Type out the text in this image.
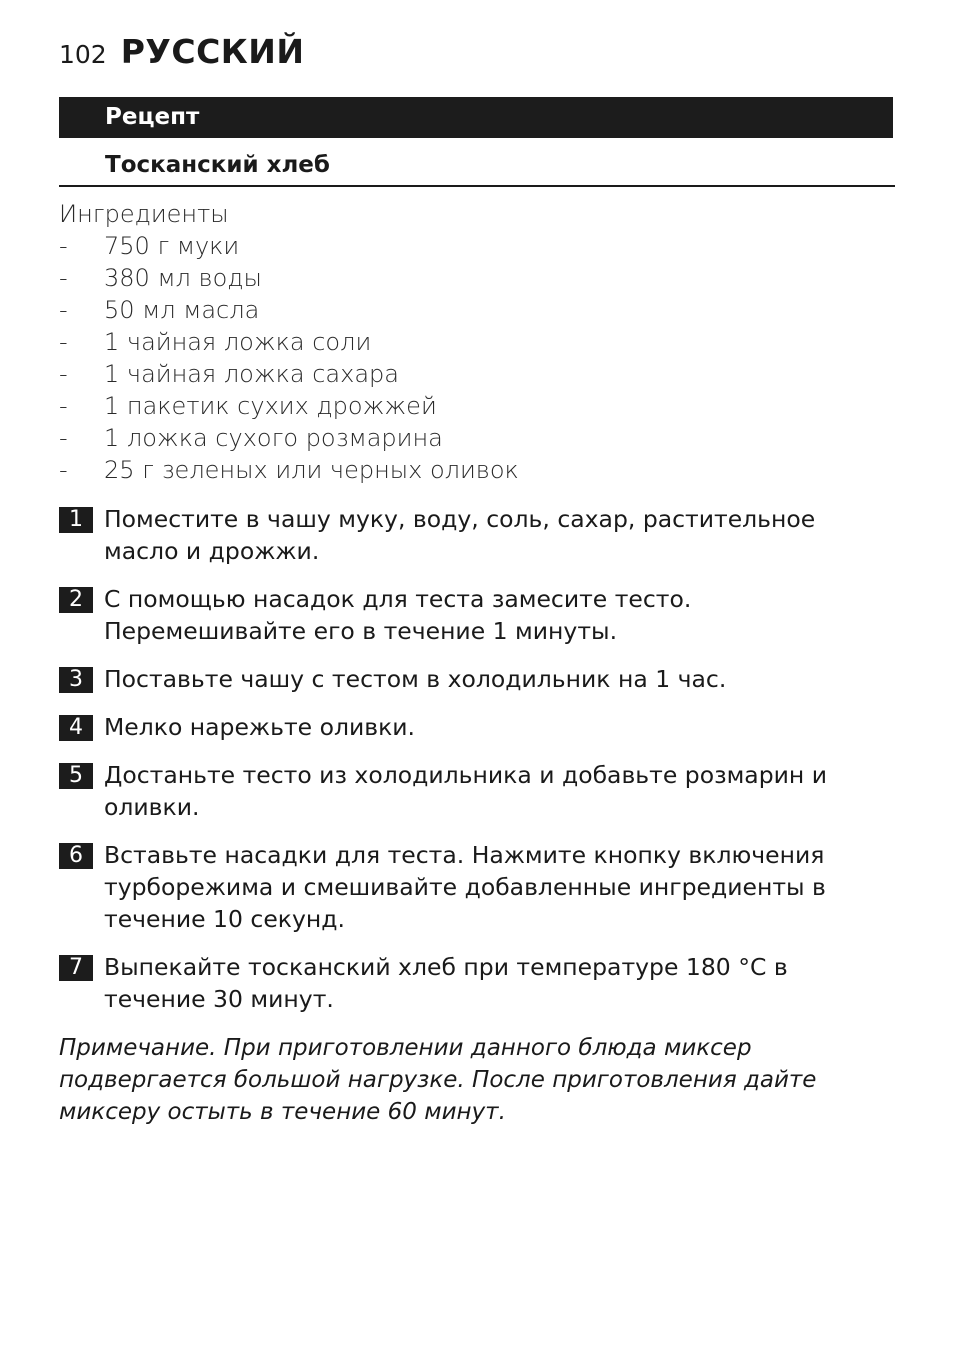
102 РУССКИЙ
Рецепт
Тосканский хлеб
Ингредиенты
- 750 г муки
- 380 мл воды
- 50 мл масла
- 1 чайная ложка соли
- 1 чайная ложка сахара
- 1 пакетик сухих дрожжей
- 1 ложка сухого розмарина
- 25 г зеленых или черных оливок
1 Поместите в чашу муку, воду, соль, сахар, растительное масло и дрожжи.
2 С помощью насадок для теста замесите тесто. Перемешивайте его в течение 1 минуты.
3 Поставьте чашу с тестом в холодильник на 1 час.
4 Мелко нарежьте оливки.
5 Достаньте тесто из холодильника и добавьте розмарин и оливки.
6 Вставьте насадки для теста. Нажмите кнопку включения турборежима и смешивайте добавленные ингредиенты в течение 10 секунд.
7 Выпекайте тосканский хлеб при температуре 180 °C в течение 30 минут.
Примечание. При приготовлении данного блюда миксер подвергается большой нагрузке. После приготовления дайте миксеру остыть в течение 60 минут.
